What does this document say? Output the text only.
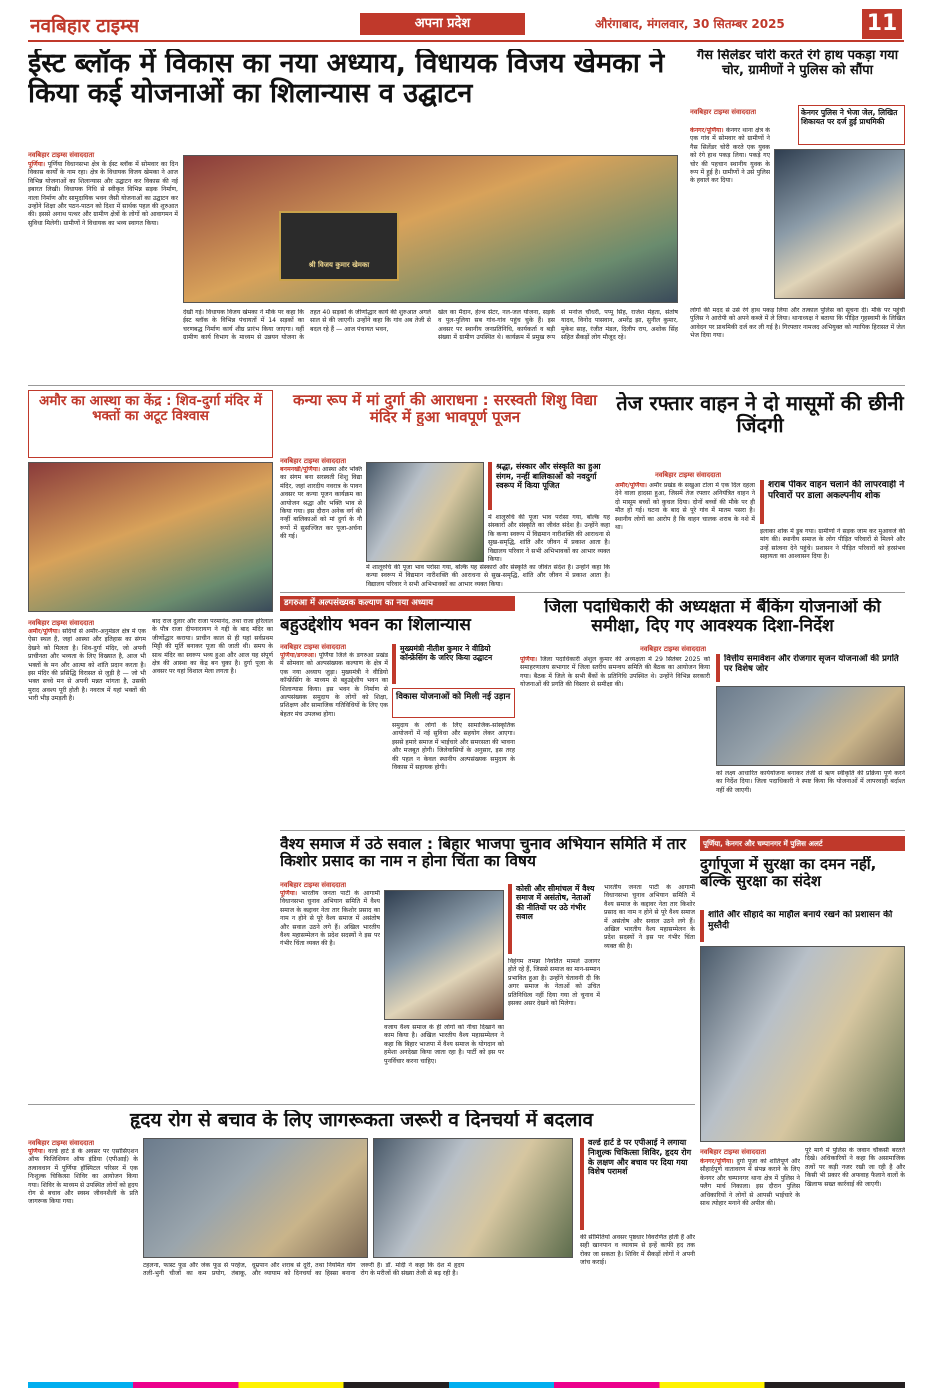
नवबिहार टाइम्स	अपना प्रदेश	औरंगाबाद, मंगलवार, 30 सितम्बर 2025	11
ईस्ट ब्लॉक में विकास का नया अध्याय, विधायक विजय खेमका ने किया कई योजनाओं का शिलान्यास व उद्घाटन
नवबिहार टाइम्स संवाददाता
पूर्णिया। पूर्णिया विधानसभा क्षेत्र के ईस्ट ब्लॉक में सोमवार का दिन विकास कार्यों के नाम रहा। क्षेत्र के विधायक विजय खेमका ने आज विभिन्न योजनाओं का शिलान्यास और उद्घाटन कर विकास की नई इबारत लिखी। विधायक निधि से स्वीकृत विभिन्न सड़क निर्माण, नाला निर्माण और सामुदायिक भवन जैसी योजनाओं का उद्घाटन कर उन्होंने शिक्षा और पठन-पाठन को दिशा में सार्थक पहल की शुरुआत की। इससे अनाथ पत्थर और ग्रामीण क्षेत्रों के लोगों को आवागमन में सुविधा मिलेगी। ग्रामीणों ने विधायक का भव्य स्वागत किया।
श्री विजय कुमार खेमका
देखी गई। विधायक विजय खेमका ने मौके पर कहा कि ईस्ट ब्लॉक के विभिन्न पंचायतों में 14 सड़कों का चरणबद्ध निर्माण कार्य शीघ्र प्रारंभ किया जाएगा। वहीं ग्रामीण कार्य विभाग के माध्यम से उन्नयन योजना के तहत 40 सड़कों के जीर्णोद्धार कार्य की शुरुआत अगले साल से की जाएगी। उन्होंने कहा कि गांव अब तेजी से बदल रहे हैं — आज पंचायत भवन,
खेल का मैदान, हेल्थ सेंटर, नल-जल योजना, सड़कें व पुल-पुलिया सब गांव-गांव पहुंच चुके हैं। इस अवसर पर स्थानीय जनप्रतिनिधि, कार्यकर्ता व बड़ी संख्या में ग्रामीण उपस्थित थे। कार्यक्रम में प्रमुख रूप से मनोज चौधरी, पप्पू सिंह, राजेश मेहता, संतोष यादव, विनोद पासवान, अमरेंद्र झा, सुनील कुमार, मुकेश साह, रंजीत मंडल, दिलीप राय, अशोक सिंह सहित सैकड़ों लोग मौजूद रहे।
गैस सिलेंडर चोरी करते रंगे हाथ पकड़ा गया चोर, ग्रामीणों ने पुलिस को सौंपा
नवबिहार टाइम्स संवाददाता	केनगर पुलिस ने भेजा जेल, लिखित शिकायत पर दर्ज हुई प्राथमिकी
केनगर/पूर्णिया। केनगर थाना क्षेत्र के एक गांव में सोमवार को ग्रामीणों ने गैस सिलेंडर चोरी करते एक युवक को रंगे हाथ पकड़ लिया। पकड़े गए चोर की पहचान स्थानीय युवक के रूप में हुई है। ग्रामीणों ने उसे पुलिस के हवाले कर दिया।
लोगों की मदद से उसे रंगे हाथ पकड़ लिया और तत्काल पुलिस को सूचना दी। मौके पर पहुंची पुलिस ने आरोपी को अपने कब्जे में ले लिया। थानाध्यक्ष ने बताया कि पीड़ित गृहस्वामी के लिखित आवेदन पर प्राथमिकी दर्ज कर ली गई है। गिरफ्तार नामजद अभियुक्त को न्यायिक हिरासत में जेल भेज दिया गया।
अमौर का आस्था का केंद्र : शिव-दुर्गा मंदिर में भक्तों का अटूट विश्वास
नवबिहार टाइम्स संवाददाता
अमौर/पूर्णिया। सदियों से अमौर-अनुमंडल क्षेत्र में एक ऐसा स्थल है, जहां आस्था और इतिहास का संगम देखने को मिलता है। शिव-दुर्गा मंदिर, जो अपनी प्राचीनता और भव्यता के लिए विख्यात है, आज भी भक्तों के मन और आत्मा को शांति प्रदान करता है। इस मंदिर की प्रसिद्धि विरासत से जुड़ी है — जो भी भक्त सच्चे मन से अपनी मन्नत मांगता है, उसकी मुराद अवश्य पूरी होती है। नवरात्र में यहां भक्तों की भारी भीड़ उमड़ती है।
बाद राज दुलार और राजा परमानंद, तथा राजा हरिलाल के पौत्र राजा दीपनारायण ने गद्दी के बाद मंदिर का जीर्णोद्धार कराया। प्राचीन काल से ही यहां सर्वप्रथम मिट्टी की मूर्ति बनाकर पूजा की जाती थी। समय के साथ मंदिर का स्वरूप भव्य हुआ और आज यह संपूर्ण क्षेत्र की आस्था का केंद्र बन चुका है। दुर्गा पूजा के अवसर पर यहां विशाल मेला लगता है।
कन्या रूप में मां दुर्गा की आराधना : सरस्वती शिशु विद्या मंदिर में हुआ भावपूर्ण पूजन
नवबिहार टाइम्स संवाददाता
बनमनखी/पूर्णिया। आस्था और भक्ति का संगम बना सरस्वती शिशु विद्या मंदिर, जहां शारदीय नवरात्र के पावन अवसर पर कन्या पूजन कार्यक्रम का आयोजन श्रद्धा और भक्ति भाव से किया गया। इस दौरान अनेक वर्ग की नन्हीं बालिकाओं को मां दुर्गा के नौ रूपों में सुसज्जित कर पूजा-अर्चना की गई।
में शालूरुचि की पूजा भाव परोसा गया, बल्कि यह संस्कारों और संस्कृति का जीवंत संदेश है। उन्होंने कहा कि कन्या स्वरूप में विद्यमान नारीशक्ति की आराधना से सुख-समृद्धि, शांति और जीवन में प्रकाश आता है। विद्यालय परिवार ने सभी अभिभावकों का आभार व्यक्त किया।
श्रद्धा, संस्कार और संस्कृति का हुआ संगम, नन्हीं बालिकाओं को नवदुर्गा स्वरूप में किया पूजित
में शालूरुचि की पूजा भाव परोसा गया, बल्कि यह संस्कारों और संस्कृति का जीवंत संदेश है। उन्होंने कहा कि कन्या स्वरूप में विद्यमान नारीशक्ति की आराधना से सुख-समृद्धि, शांति और जीवन में प्रकाश आता है। विद्यालय परिवार ने सभी अभिभावकों का आभार व्यक्त किया।
तेज रफ्तार वाहन ने दो मासूमों की छीनी जिंदगी
नवबिहार टाइम्स संवाददाता
अमौर/पूर्णिया। अमौर प्रखंड के सखुआ टोला में एक दिल दहला देने वाला हादसा हुआ, जिसमें तेज रफ्तार अनियंत्रित वाहन ने दो मासूम बच्चों को कुचल दिया। दोनों बच्चों की मौके पर ही मौत हो गई। घटना के बाद से पूरे गांव में मातम पसरा है। स्थानीय लोगों का आरोप है कि वाहन चालक शराब के नशे में था।
शराब पीकर वाहन चलाने की लापरवाही ने परिवारों पर डाला अकल्पनीय शोक
इलाका शोक में डूब गया। ग्रामीणों ने सड़क जाम कर मुआवजे की मांग की। स्थानीय समाज के लोग पीड़ित परिवारों से मिलने और उन्हें सांत्वना देने पहुंचे। प्रशासन ने पीड़ित परिवारों को हरसंभव सहायता का आश्वासन दिया है।
डगरुआ में अल्पसंख्यक कल्याण का नया अध्याय
बहुउद्देशीय भवन का शिलान्यास
नवबिहार टाइम्स संवाददाता
पूर्णिया/डगरुआ। पूर्णिया जिले के डगरुआ प्रखंड में सोमवार को अल्पसंख्यक कल्याण के क्षेत्र में एक नया अध्याय जुड़ा। मुख्यमंत्री ने वीडियो कॉन्फ्रेंसिंग के माध्यम से बहुउद्देशीय भवन का शिलान्यास किया। इस भवन के निर्माण से अल्पसंख्यक समुदाय के लोगों को शिक्षा, प्रशिक्षण और सामाजिक गतिविधियों के लिए एक बेहतर मंच उपलब्ध होगा।
मुख्यमंत्री नीतीश कुमार ने वीडियो कॉन्फ्रेंसिंग के जरिए किया उद्घाटन
विकास योजनाओं को मिली नई उड़ान
समुदाय के लोगों के लिए सामाजिक-सांस्कृतिक आयोजनों में नई सुविधा और सहयोग लेकर आएगा। इससे हमारे समाज में भाईचारे और समरसता की भावना और मजबूत होगी। जिलेवासियों के अनुसार, इस तरह की पहल न केवल स्थानीय अल्पसंख्यक समुदाय के विकास में सहायक होगी।
जिला पदाधिकारी की अध्यक्षता में बैंकिंग योजनाओं की समीक्षा, दिए गए आवश्यक दिशा-निर्देश
नवबिहार टाइम्स संवाददाता
पूर्णिया। जिला पदाधिकारी अंशुल कुमार की अध्यक्षता में 29 सितंबर 2025 को समाहरणालय सभागार में जिला स्तरीय समन्वय समिति की बैठक का आयोजन किया गया। बैठक में जिले के सभी बैंकों के प्रतिनिधि उपस्थित थे। उन्होंने विभिन्न सरकारी योजनाओं की प्रगति की विस्तार से समीक्षा की।
वित्तीय समावेशन और रोजगार सृजन योजनाओं की प्रगति पर विशेष जोर
को लक्ष्य आधारित कार्ययोजना बनाकर तेजी से ऋण स्वीकृति की प्रक्रिया पूर्ण करने का निर्देश दिया। जिला पदाधिकारी ने स्पष्ट किया कि योजनाओं में लापरवाही बर्दाश्त नहीं की जाएगी।
वैश्य समाज में उठे सवाल : बिहार भाजपा चुनाव अभियान समिति में तार किशोर प्रसाद का नाम न होना चिंता का विषय
नवबिहार टाइम्स संवाददाता
पूर्णिया। भारतीय जनता पार्टी के आगामी विधानसभा चुनाव अभियान समिति में वैश्य समाज के कद्दावर नेता तार किशोर प्रसाद का नाम न होने से पूरे वैश्य समाज में असंतोष और सवाल उठने लगे हैं। अखिल भारतीय वैश्य महासम्मेलन के प्रदेश सदस्यों ने इस पर गंभीर चिंता व्यक्त की है।
वजाय वैश्य समाज के ही लोगों को नीचा दिखाने का काम किया है। अखिल भारतीय वैश्य महासम्मेलन ने कहा कि बिहार भाजपा में वैश्य समाज के योगदान को हमेशा अनदेखा किया जाता रहा है। पार्टी को इस पर पुनर्विचार करना चाहिए।
कोसी और सीमांचल में वैश्य समाज में असंतोष, नेताओं की नीतियों पर उठे गंभीर सवाल
विहंगम तमन्ना निवर्तित मामले उजागर होते रहे हैं, जिससे समाज का मान-सम्मान प्रभावित हुआ है। उन्होंने चेतावनी दी कि अगर समाज के नेताओं को उचित प्रतिनिधित्व नहीं दिया गया तो चुनाव में इसका असर देखने को मिलेगा।
भारतीय जनता पार्टी के आगामी विधानसभा चुनाव अभियान समिति में वैश्य समाज के कद्दावर नेता तार किशोर प्रसाद का नाम न होने से पूरे वैश्य समाज में असंतोष और सवाल उठने लगे हैं। अखिल भारतीय वैश्य महासम्मेलन के प्रदेश सदस्यों ने इस पर गंभीर चिंता व्यक्त की है।
पूर्णिया, केनगर और चम्पानगर में पुलिस अलर्ट
दुर्गापूजा में सुरक्षा का दमन नहीं, बल्कि सुरक्षा का संदेश
शांति और सौहार्द का माहौल बनाये रखने को प्रशासन की मुस्तैदी
नवबिहार टाइम्स संवाददाता
केनगर/पूर्णिया। दुर्गा पूजा को शांतिपूर्ण और सौहार्दपूर्ण वातावरण में संपन्न कराने के लिए केनगर और चम्पानगर थाना क्षेत्र में पुलिस ने फ्लैग मार्च निकाला। इस दौरान पुलिस अधिकारियों ने लोगों से आपसी भाईचारे के साथ त्योहार मनाने की अपील की।
पूरे मार्ग में पुलिस के जवान चौकसी बरतते दिखे। अधिकारियों ने कहा कि असामाजिक तत्वों पर कड़ी नजर रखी जा रही है और किसी भी प्रकार की अफवाह फैलाने वालों के खिलाफ सख्त कार्रवाई की जाएगी।
हृदय रोग से बचाव के लिए जागरूकता जरूरी व दिनचर्या में बदलाव
नवबिहार टाइम्स संवाददाता
पूर्णिया। वर्ल्ड हार्ट डे के अवसर पर एसोसिएशन ऑफ फिजिशियन ऑफ इंडिया (एपीआई) के तत्वावधान में पूर्णिया हॉस्पिटल परिसर में एक निःशुल्क चिकित्सा शिविर का आयोजन किया गया। शिविर के माध्यम से उपस्थित लोगों को हृदय रोग से बचाव और स्वस्थ जीवनशैली के प्रति जागरूक किया गया।
टहलना, फास्ट फूड और जंक फूड से परहेज, तली-भुनी चीजों का कम प्रयोग, तंबाकू, धूम्रपान और शराब से दूरी, तथा नियमित योग और व्यायाम को दिनचर्या का हिस्सा बनाना जरूरी है। डॉ. मोदी ने कहा कि देश में हृदय रोग के मरीजों की संख्या तेजी से बढ़ रही है।
वर्ल्ड हार्ट डे पर एपीआई ने लगाया निःशुल्क चिकित्सा शिविर, हृदय रोग के लक्षण और बचाव पर दिया गया विशेष परामर्श
की सीमितियों अवसर पृष्ठधार विवरणित होती हैं और सही खानपान व व्यायाम से इन्हें काफी हद तक रोका जा सकता है। शिविर में सैकड़ों लोगों ने अपनी जांच कराई।
